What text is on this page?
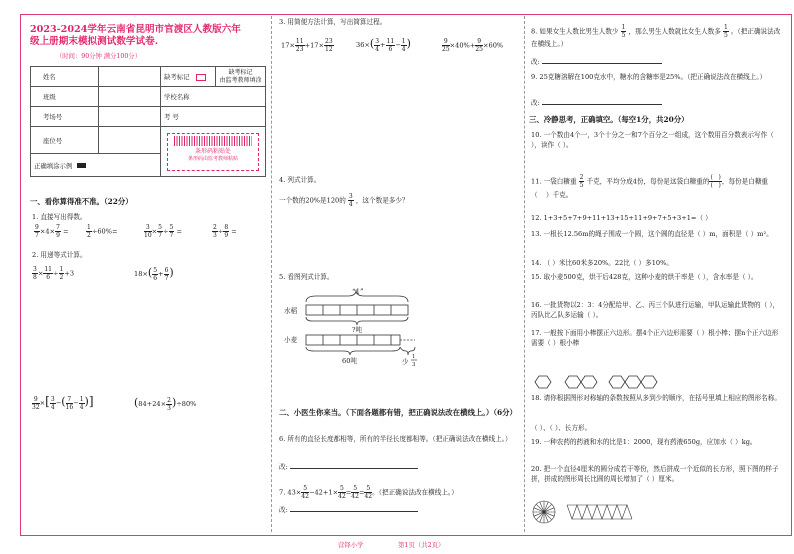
2023-2024学年云南省昆明市官渡区人教版六年
级上册期末模拟测试数学试卷.
（时间：90分钟 满分100分）
姓名		缺考标记	缺考标记
由监考教师填涂

班级		学校名称	
考场号		考 号	
座位号		条形码粘贴处
条形码由监考教师粘贴	

正确填涂示例			
一、看你算得准不准。（22分）
1. 直接写出得数。
$\frac{9}{7} \times 4\times \frac{7}{9}$ =	$\frac{1}{2} \div 60\%=$	$\frac{3}{10} \times \frac{5}{7} \div \frac{5}{7}$ =	$\frac{2}{3} \div \frac{8}{9}$ =
2. 用递等式计算。
$\frac{3}{8} \times \frac{11}{6} \div \frac{1}{2} +3$	$18\times( \frac{5}{6} + \frac{6}{7}$ )
$\frac{9}{32}$ ×[ $\frac{3}{4}$ −( $\frac{7}{16} - \frac{1}{4}$ )]	$(84+24\times \frac{2}{3} )\div 80\%$
3. 用简便方法计算，写出简算过程。
$17\times \frac{11}{23} +17\times \frac{23}{12}$	$36\times( \frac{3}{4} + \frac{11}{6} - \frac{1}{4}$ )	$\frac{9}{25} \times 40\%+ \frac{9}{25} \times 60\%$
4. 列式计算。
一个数的20%是120的 $\frac{3}{4}$ ，这个数是多少？
5. 看图列式计算。
“1”
水稻
?吨
小麦
60吨	少
1
3
二、小医生你来当。（下面各题都有错，把正确说法改在横线上。）（6分）
6. 所有的直径长度都相等，所有的半径长度都相等。（把正确说法改在横线上。）
改:
7. $43\times \frac{5}{42} -42+1\times \frac{5}{42} = \frac{5}{42} = \frac{5}{42}$ 。（把正确说法改在横线上。）
改:
8. 如果女生人数比男生人数少 $\frac{1}{5}$ ，那么男生人数就比女生人数多 $\frac{1}{5}$ 。（把正确说法改在横线上。）
改:
9. 25克糖溶解在100克水中，糖水的含糖率是25%。（把正确说法改在横线上。）
改:
三、冷静思考，正确填空。（每空1分，共20分）
10. 一个数由4个一，3个十分之一和7个百分之一组成，这个数用百分数表示写作（ ），读作（ ）。
11. 一袋白糖重 $\frac{2}{5}$ 千克，平均分成4份，每份是这袋白糖重的 $\frac{( )}{( )}$ ，每份是白糖重（    ）千克。
12. 1+3+5+7+9+11+13+15+11+9+7+5+3+1=（ ）
13. 一根长12.56m的绳子围成一个圆，这个圆的直径是（ ）m，面积是（ ）m²。
14. （ ）米比60米多20%。22比（ ）多10%。
15. 取小麦500克，烘干后428克，这种小麦的烘干率是（ ），含水率是（ ）。
16. 一批货物以2：3：4分配给甲、乙、丙三个队进行运输，甲队运输此货物的（ ），丙队比乙队多运输（ ）。
17. 一般按下面用小棒摆正六边形。摆4个正六边形需要（ ）根小棒；摆n个正六边形需要（ ）根小棒
18. 请你根据图形对称轴的条数按照从多到少的顺序，在括号里填上相应的图形名称。
（ ）、（ ）、长方形。
19. 一种农药的药液和水的比是1：2000，现有药液650g，应加水（ ）kg。
20. 把一个直径4厘米的圆分成若干等份，然后拼成一个近似的长方形，照下图的样子拼，拼成的图形周长比圆的周长增加了（ ）厘米。
营铎小学	第1页（共2页）
